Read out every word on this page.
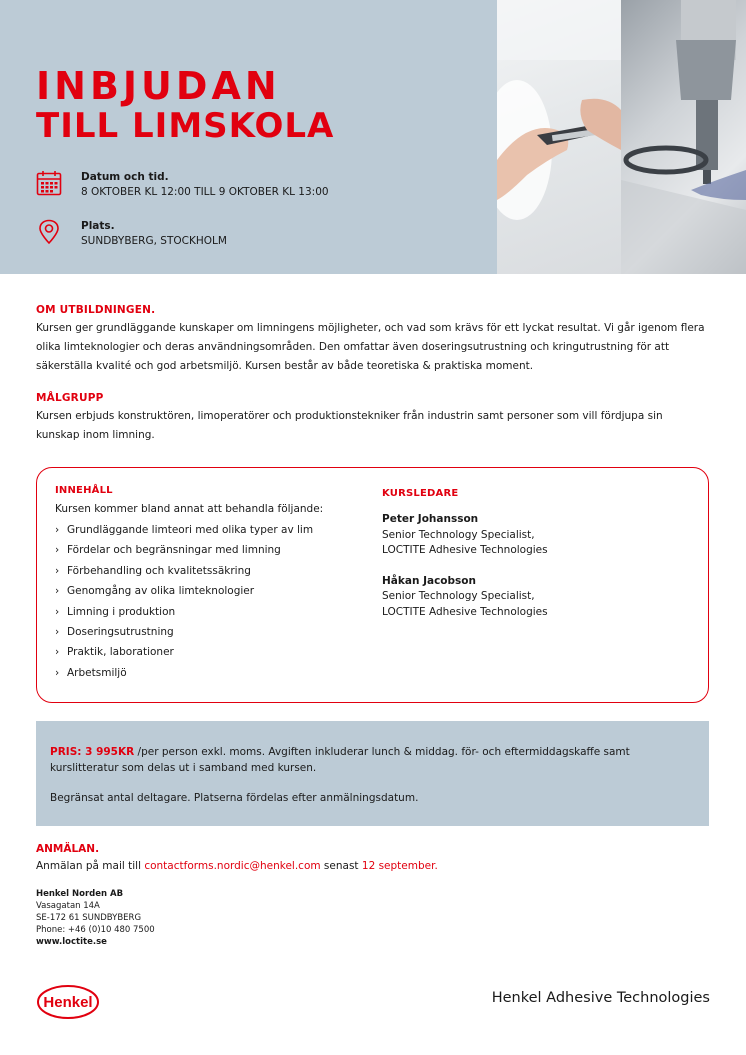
INBJUDAN
TILL LIMSKOLA
Datum och tid.
8 OKTOBER KL 12:00 TILL 9 OKTOBER KL 13:00
Plats.
SUNDBYBERG, STOCKHOLM
OM UTBILDNINGEN.

Kursen ger grundläggande kunskaper om limningens möjligheter, och vad som krävs för ett lyckat resultat. Vi går igenom flera olika limteknologier och deras användningsområden. Den omfattar även doseringsutrustning och kringutrustning för att säkerställa kvalité och god arbetsmiljö. Kursen består av både teoretiska & praktiska moment.

MÅLGRUPP

Kursen erbjuds konstruktören, limoperatörer och produktionstekniker från industrin samt personer som vill fördjupa sin kunskap inom limning.

INNEHÅLL
Kursen kommer bland annat att behandla följande:
› Grundläggande limteori med olika typer av lim
› Fördelar och begränsningar med limning
› Förbehandling och kvalitetssäkring
› Genomgång av olika limteknologier
› Limning i produktion
› Doseringsutrustning
› Praktik, laborationer
› Arbetsmiljö
KURSLEDARE
Peter Johansson
Senior Technology Specialist,
LOCTITE Adhesive Technologies
Håkan Jacobson
Senior Technology Specialist,
LOCTITE Adhesive Technologies

PRIS: 3 995KR /per person exkl. moms. Avgiften inkluderar lunch & middag. för- och eftermiddagskaffe samt kurslitteratur som delas ut i samband med kursen.

Begränsat antal deltagare. Platserna fördelas efter anmälningsdatum.

ANMÄLAN.

Anmälan på mail till contactforms.nordic@henkel.com senast 12 september.

Henkel Norden AB
Vasagatan 14A
SE-172 61 SUNDBYBERG
Phone: +46 (0)10 480 7500
www.loctite.se
Henkel	Henkel Adhesive Technologies
